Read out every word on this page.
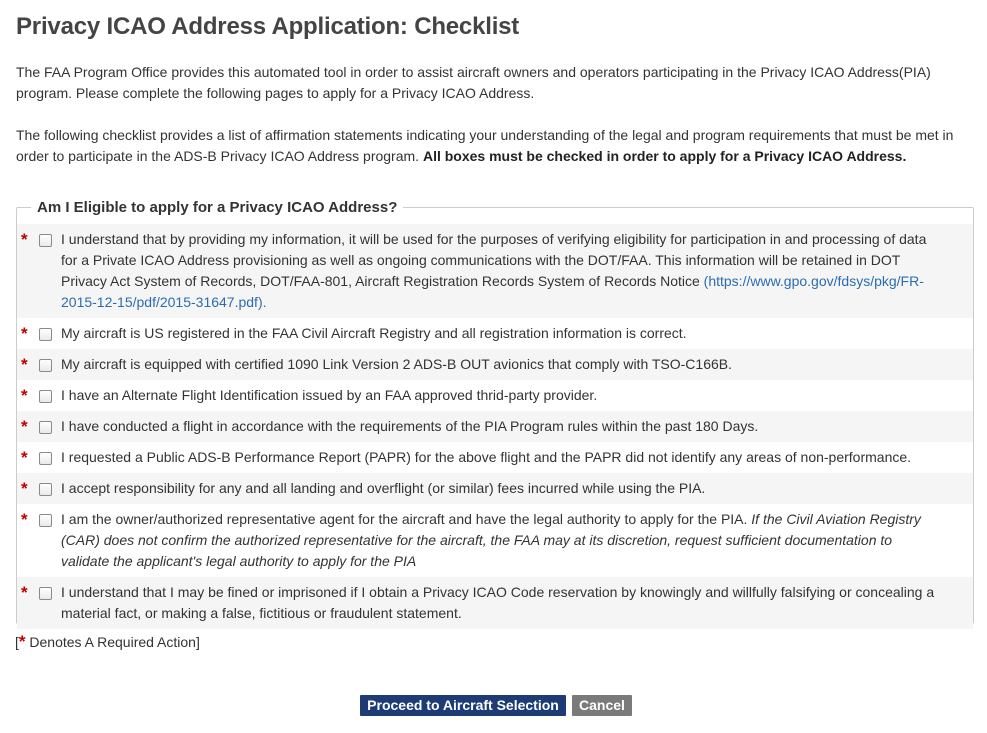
Privacy ICAO Address Application: Checklist

The FAA Program Office provides this automated tool in order to assist aircraft owners and operators participating in the Privacy ICAO Address(PIA) program. Please complete the following pages to apply for a Privacy ICAO Address.

The following checklist provides a list of affirmation statements indicating your understanding of the legal and program requirements that must be met in order to participate in the ADS-B Privacy ICAO Address program. All boxes must be checked in order to apply for a Privacy ICAO Address.

Am I Eligible to apply for a Privacy ICAO Address?
* I understand that by providing my information, it will be used for the purposes of verifying eligibility for participation in and processing of data for a Private ICAO Address provisioning as well as ongoing communications with the DOT/FAA. This information will be retained in DOT Privacy Act System of Records, DOT/FAA-801, Aircraft Registration Records System of Records Notice (https://www.gpo.gov/fdsys/pkg/FR-2015-12-15/pdf/2015-31647.pdf).
* My aircraft is US registered in the FAA Civil Aircraft Registry and all registration information is correct.
* My aircraft is equipped with certified 1090 Link Version 2 ADS-B OUT avionics that comply with TSO-C166B.
* I have an Alternate Flight Identification issued by an FAA approved thrid-party provider.
* I have conducted a flight in accordance with the requirements of the PIA Program rules within the past 180 Days.
* I requested a Public ADS-B Performance Report (PAPR) for the above flight and the PAPR did not identify any areas of non-performance.
* I accept responsibility for any and all landing and overflight (or similar) fees incurred while using the PIA.
* I am the owner/authorized representative agent for the aircraft and have the legal authority to apply for the PIA. If the Civil Aviation Registry (CAR) does not confirm the authorized representative for the aircraft, the FAA may at its discretion, request sufficient documentation to validate the applicant's legal authority to apply for the PIA
* I understand that I may be fined or imprisoned if I obtain a Privacy ICAO Code reservation by knowingly and willfully falsifying or concealing a material fact, or making a false, fictitious or fraudulent statement.
[* Denotes A Required Action]
Proceed to Aircraft Selection	Cancel
